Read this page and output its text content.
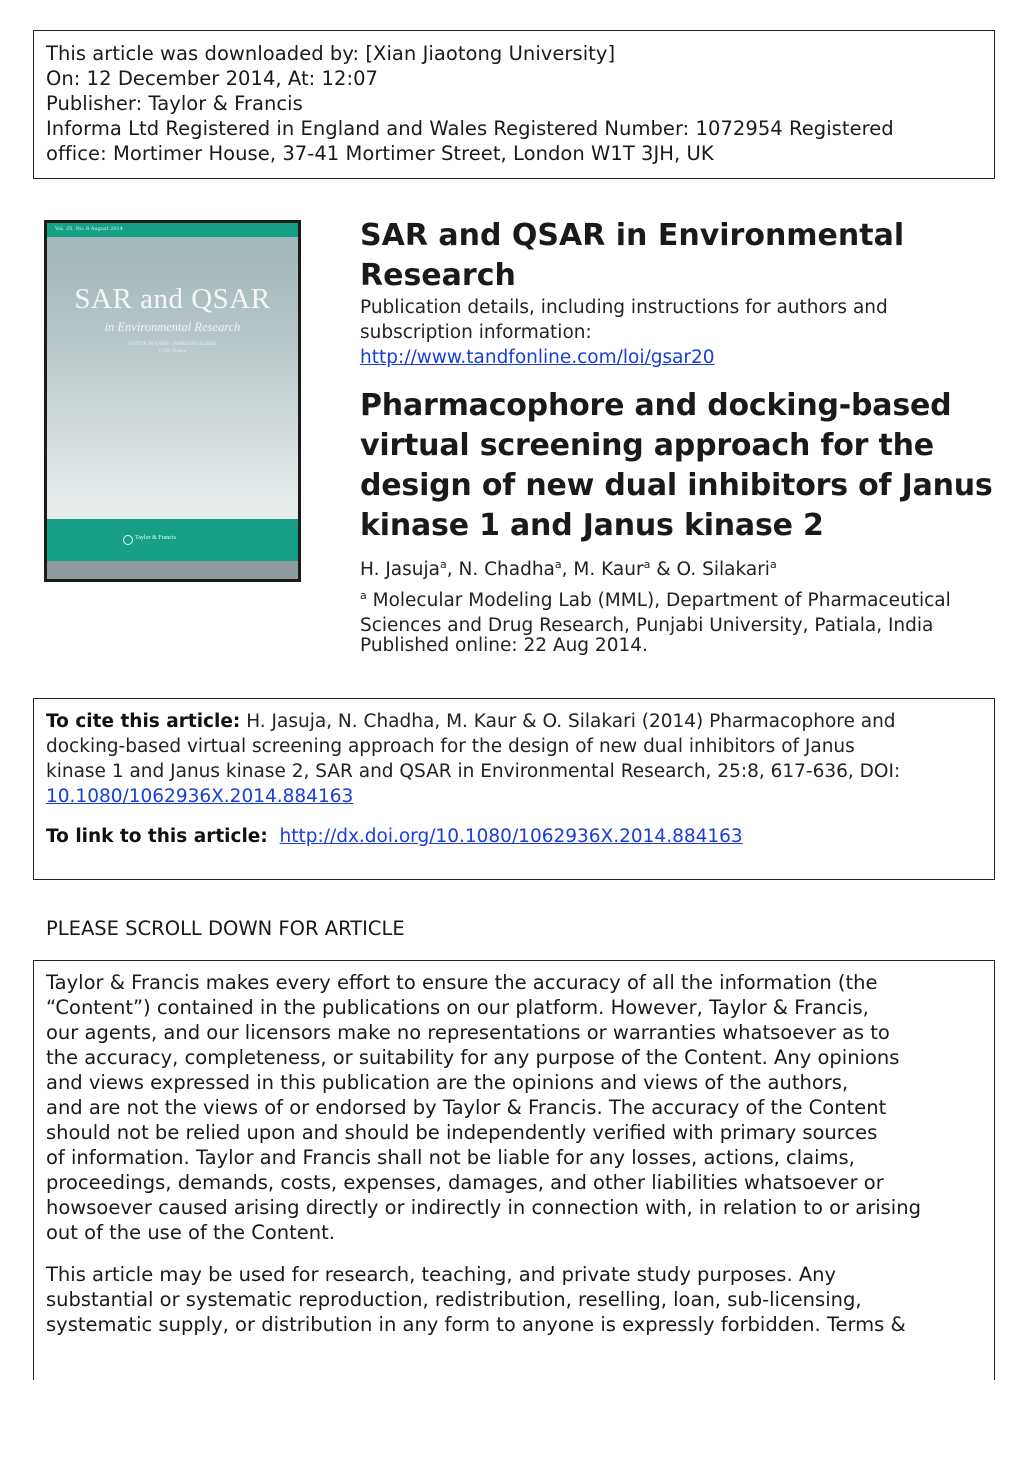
This article was downloaded by: [Xian Jiaotong University]
On: 12 December 2014, At: 12:07
Publisher: Taylor & Francis
Informa Ltd Registered in England and Wales Registered Number: 1072954 Registered
office: Mortimer House, 37-41 Mortimer Street, London W1T 3JH, UK
Vol. 25, No. 8 August 2014
SAR and QSAR
in Environmental Research
EDITOR IN CHIEF: JAMES DEVILLERS
CTIS, France
Taylor & Francis
SAR and QSAR in Environmental Research
Publication details, including instructions for authors and subscription information:
http://www.tandfonline.com/loi/gsar20
Pharmacophore and docking-based virtual screening approach for the design of new dual inhibitors of Janus kinase 1 and Janus kinase 2
H. Jasuja$^a$, N. Chadha$^a$, M. Kaur$^a$ & O. Silakari$^a$
$^a$ Molecular Modeling Lab (MML), Department of Pharmaceutical Sciences and Drug Research, Punjabi University, Patiala, India
Published online: 22 Aug 2014.
To cite this article: H. Jasuja, N. Chadha, M. Kaur & O. Silakari (2014) Pharmacophore and
docking-based virtual screening approach for the design of new dual inhibitors of Janus
kinase 1 and Janus kinase 2, SAR and QSAR in Environmental Research, 25:8, 617-636, DOI:
10.1080/1062936X.2014.884163
To link to this article: http://dx.doi.org/10.1080/1062936X.2014.884163
PLEASE SCROLL DOWN FOR ARTICLE

Taylor & Francis makes every effort to ensure the accuracy of all the information (the
“Content”) contained in the publications on our platform. However, Taylor & Francis,
our agents, and our licensors make no representations or warranties whatsoever as to
the accuracy, completeness, or suitability for any purpose of the Content. Any opinions
and views expressed in this publication are the opinions and views of the authors,
and are not the views of or endorsed by Taylor & Francis. The accuracy of the Content
should not be relied upon and should be independently verified with primary sources
of information. Taylor and Francis shall not be liable for any losses, actions, claims,
proceedings, demands, costs, expenses, damages, and other liabilities whatsoever or
howsoever caused arising directly or indirectly in connection with, in relation to or arising
out of the use of the Content.

This article may be used for research, teaching, and private study purposes. Any
substantial or systematic reproduction, redistribution, reselling, loan, sub-licensing,
systematic supply, or distribution in any form to anyone is expressly forbidden. Terms &
